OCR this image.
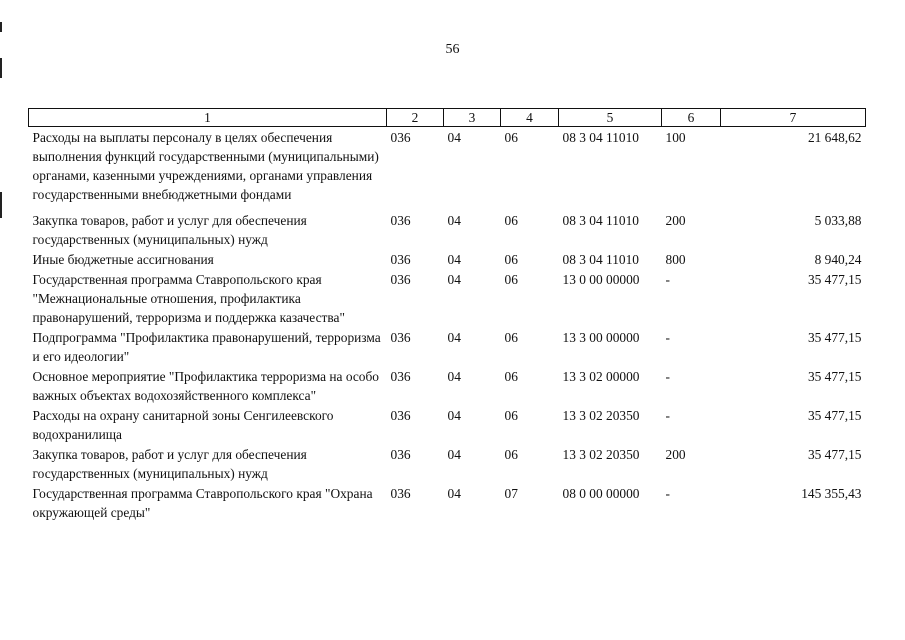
56
1	2	3	4	5	6	7
Расходы на выплаты персоналу в целях обеспечения выполнения функций государственными (муниципальными) органами, казенными учреждениями, органами управления государственными внебюджетными фондами	036	04	06	08 3 04 11010	100	21 648,62
Закупка товаров, работ и услуг для обеспечения государственных (муниципальных) нужд	036	04	06	08 3 04 11010	200	5 033,88
Иные бюджетные ассигнования	036	04	06	08 3 04 11010	800	8 940,24
Государственная программа Ставропольского края "Межнациональные отношения, профилактика правонарушений, терроризма и поддержка казачества"	036	04	06	13 0 00 00000	-	35 477,15
Подпрограмма "Профилактика правонарушений, терроризма и его идеологии"	036	04	06	13 3 00 00000	-	35 477,15
Основное мероприятие "Профилактика терроризма на особо важных объектах водохозяйственного комплекса"	036	04	06	13 3 02 00000	-	35 477,15
Расходы на охрану санитарной зоны Сенгилеевского водохранилища	036	04	06	13 3 02 20350	-	35 477,15
Закупка товаров, работ и услуг для обеспечения государственных (муниципальных) нужд	036	04	06	13 3 02 20350	200	35 477,15
Государственная программа Ставропольского края "Охрана окружающей среды"	036	04	07	08 0 00 00000	-	145 355,43
